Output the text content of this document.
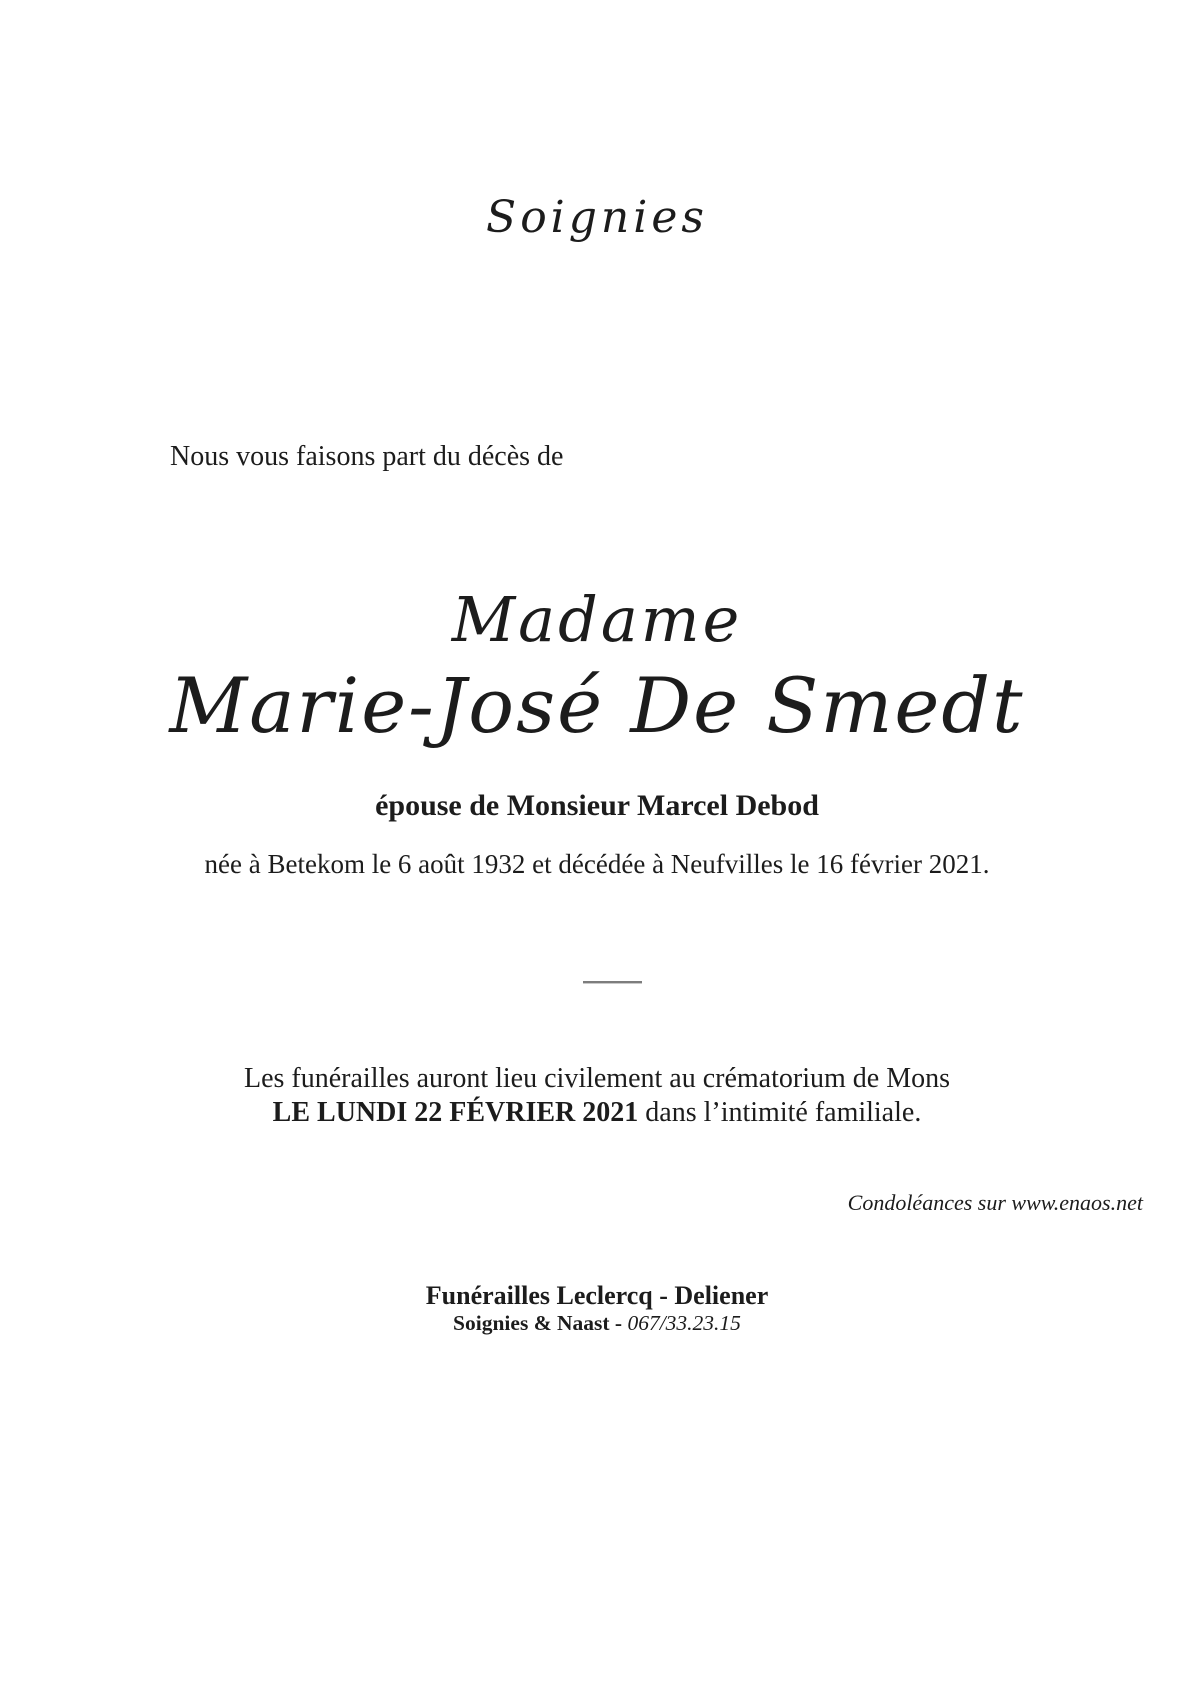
Soignies
Nous vous faisons part du décès de
Madame
Marie-José De Smedt
épouse de Monsieur Marcel Debod
née à Betekom le 6 août 1932 et décédée à Neufvilles le 16 février 2021.
Les funérailles auront lieu civilement au crématorium de Mons
LE LUNDI 22 FÉVRIER 2021 dans l’intimité familiale.
Condoléances sur www.enaos.net
Funérailles Leclercq - Deliener
Soignies & Naast - 067/33.23.15
